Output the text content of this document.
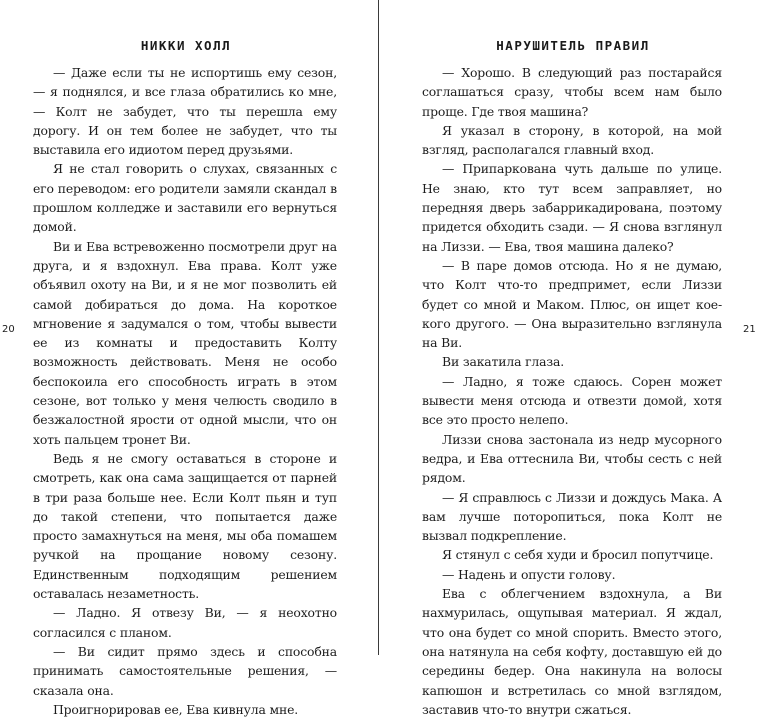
НИККИ ХОЛЛ
20

— Даже если ты не испортишь ему сезон, — я поднялся, и все глаза обратились ко мне, — Колт не забудет, что ты перешла ему дорогу. И он тем более не забудет, что ты выставила его идиотом перед друзьями.

Я не стал говорить о слухах, связанных с его переводом: его родители замяли скандал в прошлом колледже и заставили его вернуться домой.

Ви и Ева встревоженно посмотрели друг на друга, и я вздохнул. Ева права. Колт уже объявил охоту на Ви, и я не мог позволить ей самой добираться до дома. На короткое мгновение я задумался о том, чтобы вывести ее из комнаты и предоставить Колту возможность действовать. Меня не особо беспокоила его способность играть в этом сезоне, вот только у меня челюсть сводило в безжалостной ярости от одной мысли, что он хоть пальцем тронет Ви.

Ведь я не смогу оставаться в стороне и смотреть, как она сама защищается от парней в три раза больше нее. Если Колт пьян и туп до такой степени, что попытается даже просто замахнуться на меня, мы оба помашем ручкой на прощание новому сезону. Единственным подходящим решением оставалась незаметность.

— Ладно. Я отвезу Ви, — я неохотно согласился с планом.

— Ви сидит прямо здесь и способна принимать самостоятельные решения, — сказала она.

Проигнорировав ее, Ева кивнула мне.

НАРУШИТЕЛЬ ПРАВИЛ
21

— Хорошо. В следующий раз постарайся соглашаться сразу, чтобы всем нам было проще. Где твоя машина?

Я указал в сторону, в которой, на мой взгляд, располагался главный вход.

— Припаркована чуть дальше по улице. Не знаю, кто тут всем заправляет, но передняя дверь забаррикадирована, поэтому придется обходить сзади. — Я снова взглянул на Лиззи. — Ева, твоя машина далеко?

— В паре домов отсюда. Но я не думаю, что Колт что-то предпримет, если Лиззи будет со мной и Маком. Плюс, он ищет кое-кого другого. — Она выразительно взглянула на Ви.

Ви закатила глаза.

— Ладно, я тоже сдаюсь. Сорен может вывести меня отсюда и отвезти домой, хотя все это просто нелепо.

Лиззи снова застонала из недр мусорного ведра, и Ева оттеснила Ви, чтобы сесть с ней рядом.

— Я справлюсь с Лиззи и дождусь Мака. А вам лучше поторопиться, пока Колт не вызвал подкрепление.

Я стянул с себя худи и бросил попутчице.

— Надень и опусти голову.

Ева с облегчением вздохнула, а Ви нахмурилась, ощупывая материал. Я ждал, что она будет со мной спорить. Вместо этого, она натянула на себя кофту, доставшую ей до середины бедер. Она накинула на волосы капюшон и встретилась со мной взглядом, заставив что-то внутри сжаться.
